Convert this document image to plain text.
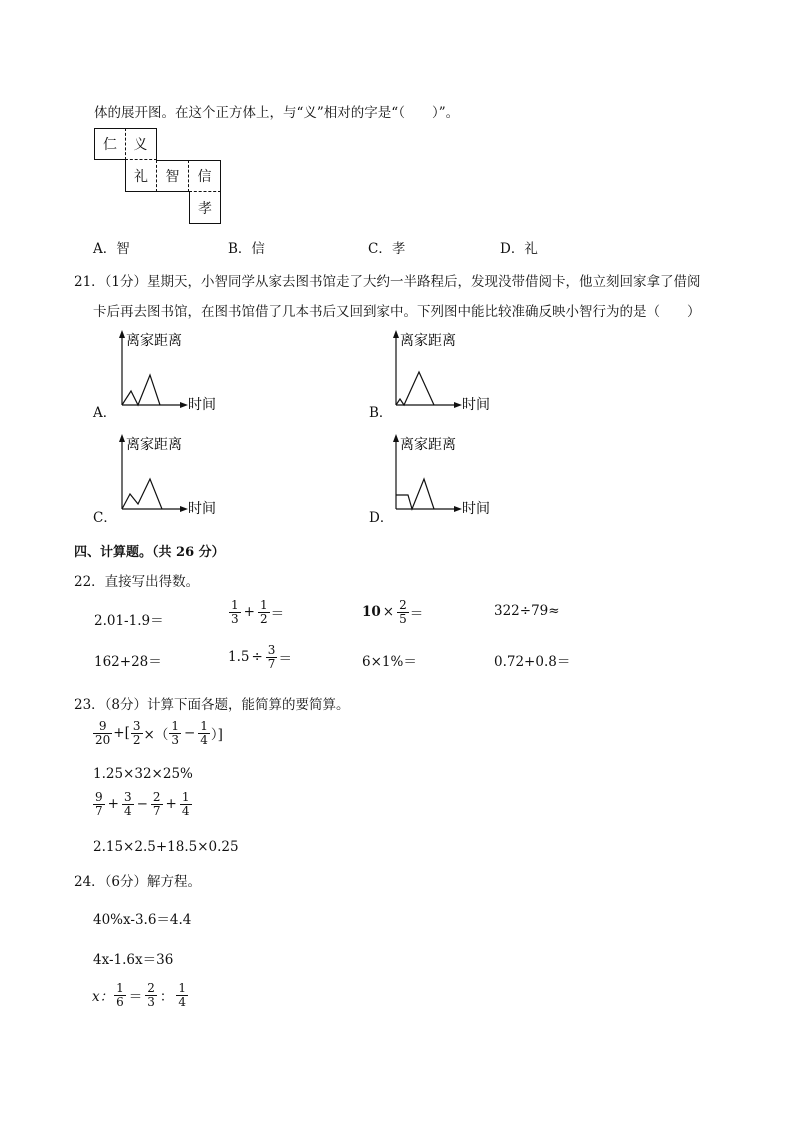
体的展开图。在这个正方体上，与“义”相对的字是“（　　）”。
仁	义
礼	智	信
孝
A．智	B．信	C．孝	D．礼
21．（1分）星期天，小智同学从家去图书馆走了大约一半路程后，发现没带借阅卡，他立刻回家拿了借阅
卡后再去图书馆，在图书馆借了几本书后又回到家中。下列图中能比较准确反映小智行为的是（　　）
A．
离家距离
时间	B．
离家距离
时间
C．
离家距离
时间
D．
离家距离
时间
四、计算题。（共 26 分）
22．直接写出得数。
2.01-1.9＝	$\frac{1}{3} + \frac{1}{2}$ ＝	$10 \times \frac{2}{5}$ ＝	322÷79≈
162+28＝	$1.5 \div \frac{3}{7}$ ＝	6×1%＝	0.72+0.8＝
23．（8分）计算下面各题，能简算的要简算。
$\frac{9}{20}$ +[ $\frac{3}{2}$ ×（ $\frac{1}{3} - \frac{1}{4}$ ）]
1.25×32×25%
$\frac{9}{7} + \frac{3}{4} - \frac{2}{7} + \frac{1}{4}$
2.15×2.5+18.5×0.25
24．（6分）解方程。
40%x-3.6＝4.4
4x-1.6x＝36
x： $\frac{1}{6} = \frac{2}{3}$ ： $\frac{1}{4}$
